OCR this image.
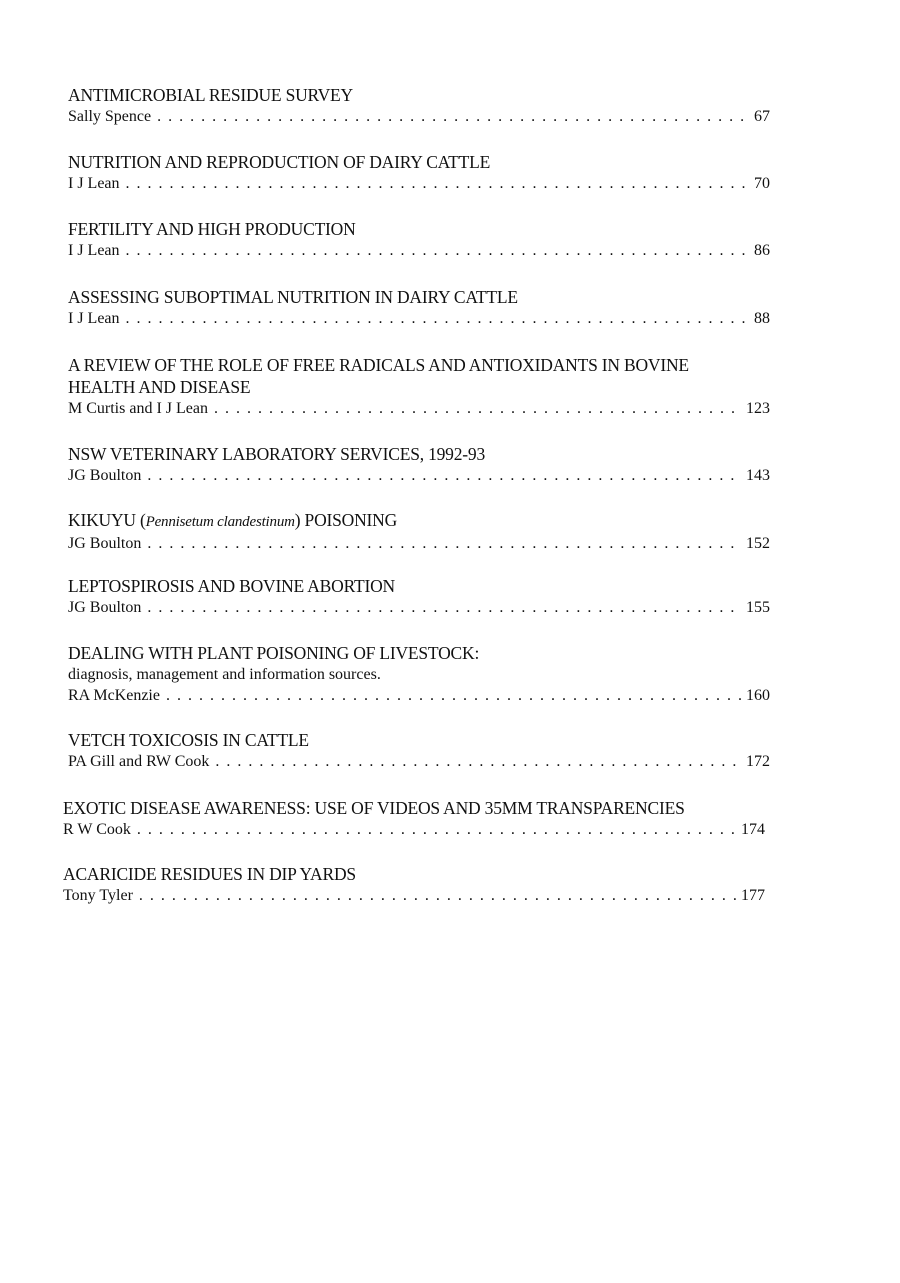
ANTIMICROBIAL RESIDUE SURVEY
Sally Spence . . .	67
NUTRITION AND REPRODUCTION OF DAIRY CATTLE
I J Lean . . .	70
FERTILITY AND HIGH PRODUCTION
I J Lean . . .	86
ASSESSING SUBOPTIMAL NUTRITION IN DAIRY CATTLE
I J Lean . . .	88
A REVIEW OF THE ROLE OF FREE RADICALS AND ANTIOXIDANTS IN BOVINE
HEALTH AND DISEASE
M Curtis and I J Lean . . .	123
NSW VETERINARY LABORATORY SERVICES, 1992-93
JG Boulton . . .	143
KIKUYU (Pennisetum clandestinum) POISONING
JG Boulton . . .	152
LEPTOSPIROSIS AND BOVINE ABORTION
JG Boulton . . .	155
DEALING WITH PLANT POISONING OF LIVESTOCK:
diagnosis, management and information sources.
RA McKenzie . . .	160
VETCH TOXICOSIS IN CATTLE
PA Gill and RW Cook . . .	172
EXOTIC DISEASE AWARENESS: USE OF VIDEOS AND 35MM TRANSPARENCIES
R W Cook . . .	174
ACARICIDE RESIDUES IN DIP YARDS
Tony Tyler . . .	177
